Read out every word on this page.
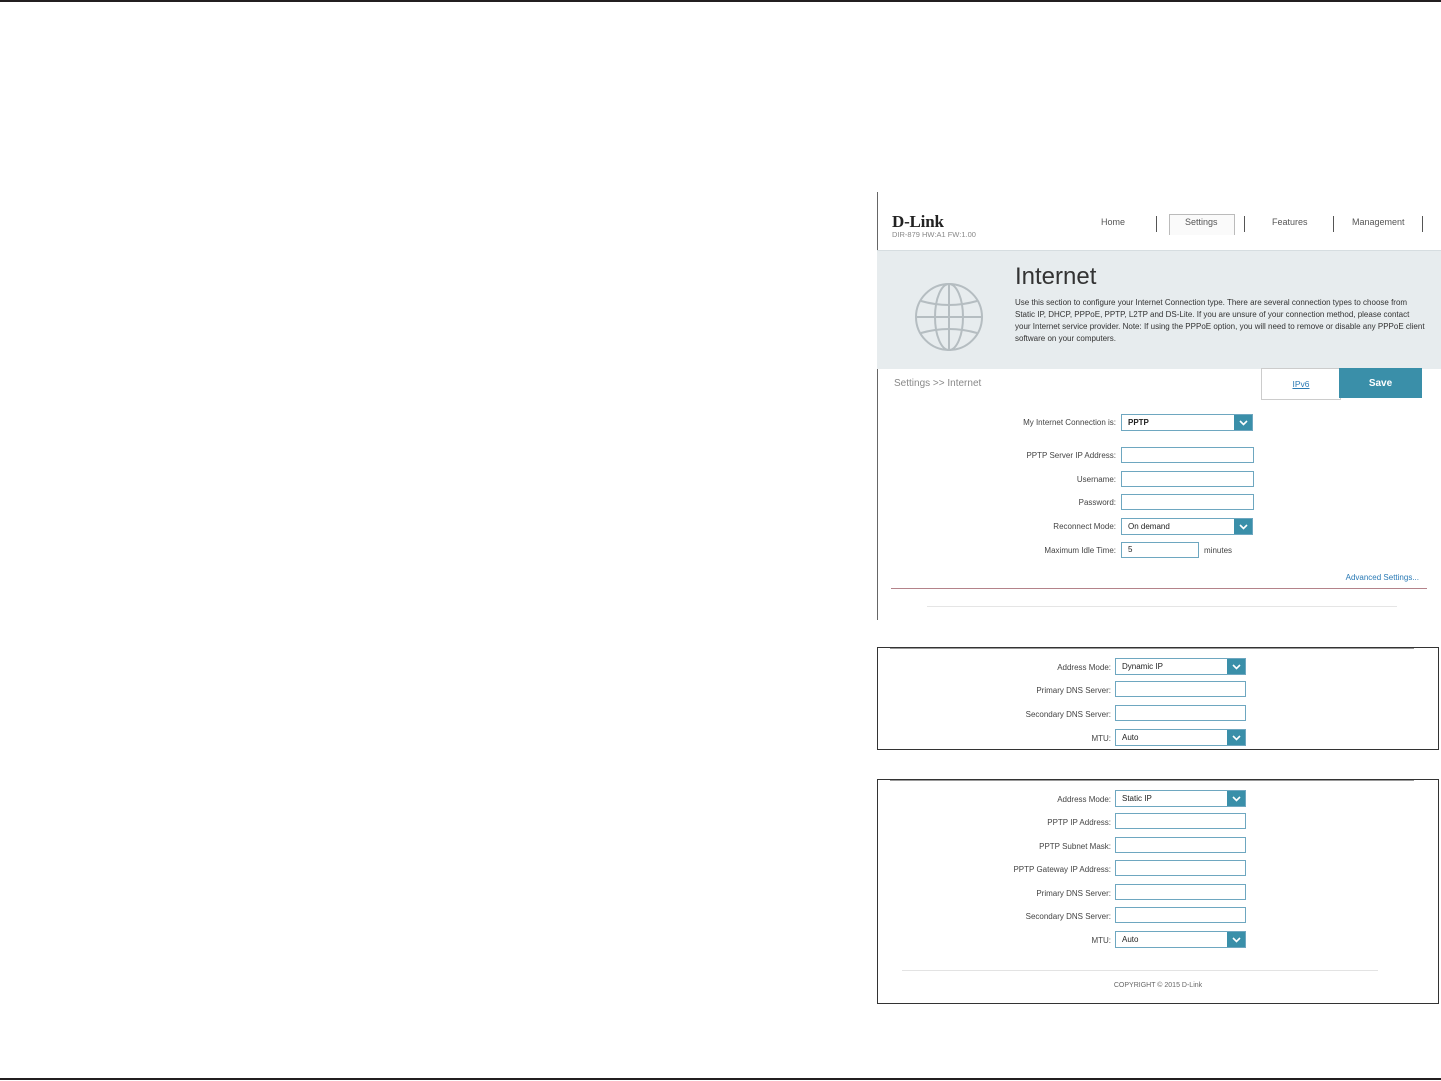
D-Link
DIR-879 HW:A1 FW:1.00
Home	Settings	Features	Management
Internet
Use this section to configure your Internet Connection type. There are several connection types to choose from Static IP, DHCP, PPPoE, PPTP, L2TP and DS-Lite. If you are unsure of your connection method, please contact your Internet service provider. Note: If using the PPPoE option, you will need to remove or disable any PPPoE client software on your computers.
Settings >> Internet	IPv6	Save
My Internet Connection is: PPTP
PPTP Server IP Address:
Username:
Password:
Reconnect Mode: On demand
Maximum Idle Time:	5	minutes
Advanced Settings...
Address Mode: Dynamic IP
Primary DNS Server:
Secondary DNS Server:
MTU: Auto
Address Mode: Static IP
PPTP IP Address:
PPTP Subnet Mask:
PPTP Gateway IP Address:
Primary DNS Server:
Secondary DNS Server:
MTU: Auto
COPYRIGHT © 2015 D-Link
